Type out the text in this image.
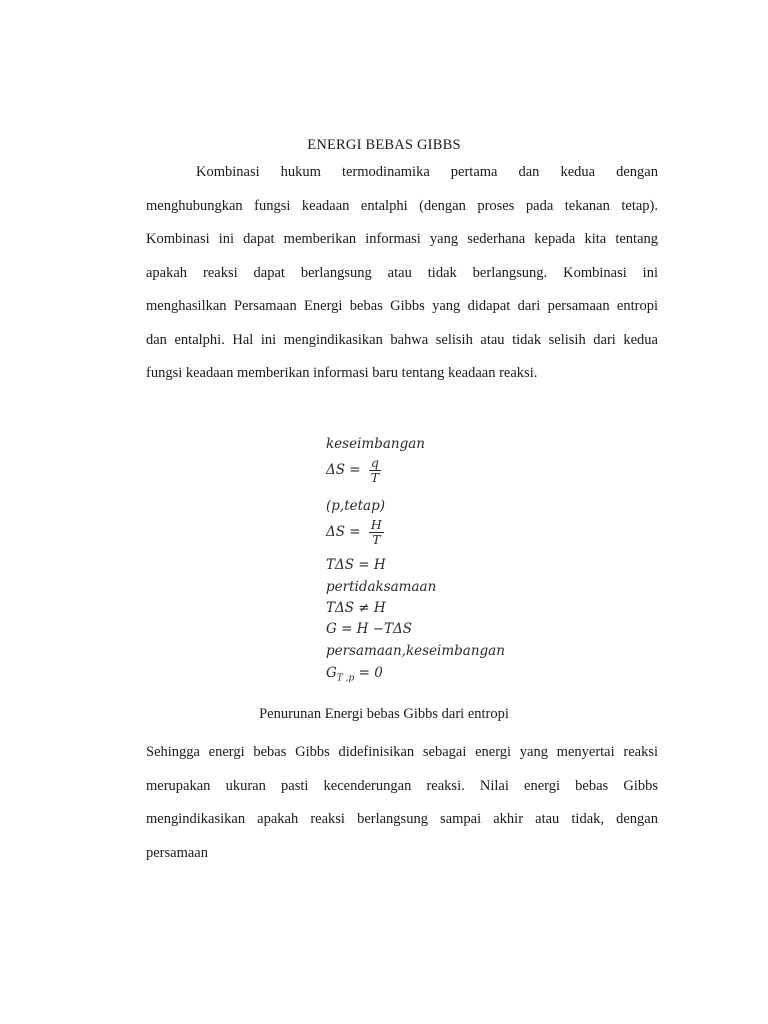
ENERGI BEBAS GIBBS
Kombinasi hukum termodinamika pertama dan kedua dengan
menghubungkan fungsi keadaan entalphi (dengan proses pada tekanan tetap).
Kombinasi ini dapat memberikan informasi yang sederhana kepada kita tentang
apakah reaksi dapat berlangsung atau tidak berlangsung. Kombinasi ini
menghasilkan Persamaan Energi bebas Gibbs yang didapat dari persamaan entropi
dan entalphi. Hal ini mengindikasikan bahwa selisih atau tidak selisih dari kedua
fungsi keadaan memberikan informasi baru tentang keadaan reaksi.
keseimbangan
$\Delta S = \frac{q}{T}$
(p,tetap)
$\Delta S = \frac{H}{T}$
TΔS = H
pertidaksamaan
TΔS ≠ H
G = H −TΔS
persamaan,keseimbangan
$G_{T ,p} = 0$
Penurunan Energi bebas Gibbs dari entropi
Sehingga energi bebas Gibbs didefinisikan sebagai energi yang menyertai reaksi
merupakan ukuran pasti kecenderungan reaksi. Nilai energi bebas Gibbs
mengindikasikan apakah reaksi berlangsung sampai akhir atau tidak, dengan
persamaan
